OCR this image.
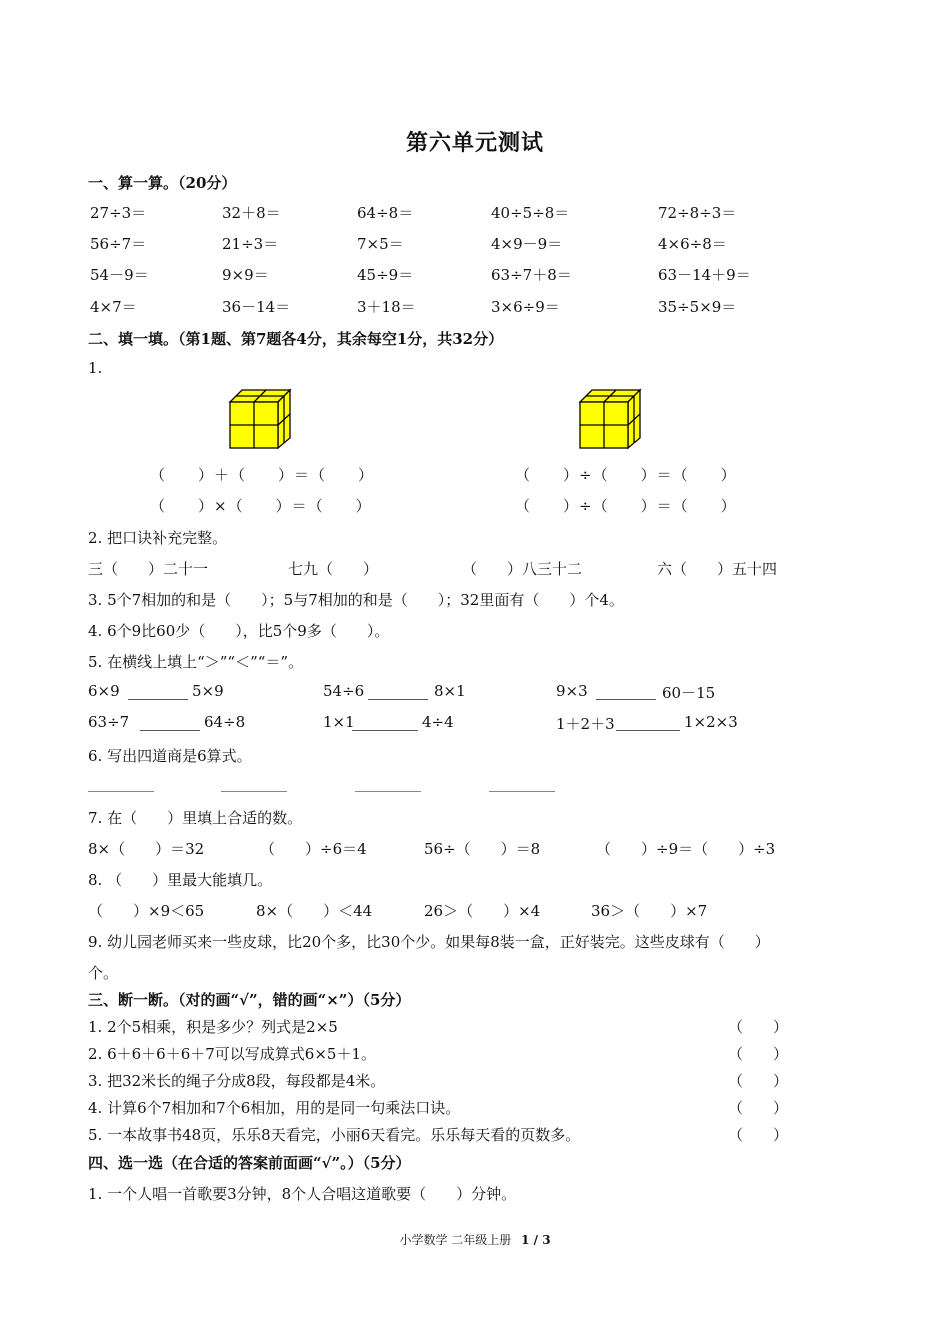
第六单元测试
一、算一算。（20分）
27÷3＝	32＋8＝	64÷8＝	40÷5÷8＝	72÷8÷3＝
56÷7＝	21÷3＝	7×5＝	4×9－9＝	4×6÷8＝
54－9＝	9×9＝	45÷9＝	63÷7＋8＝	63－14＋9＝
4×7＝	36－14＝	3＋18＝	3×6÷9＝	35÷5×9＝
二、填一填。（第1题、第7题各4分，其余每空1分，共32分）
1.
（　　）＋（　　）＝（　　）
（　　）×（　　）＝（　　）
（　　）÷（　　）＝（　　）
（　　）÷（　　）＝（　　）
2. 把口诀补充完整。
三（　　）二十一	七九（　　）	（　　）八三十二	六（　　）五十四
3. 5个7相加的和是（　　）；5与7相加的和是（　　）；32里面有（　　）个4。
4. 6个9比60少（　　），比5个9多（　　）。
5. 在横线上填上“＞”“＜”“＝”。
6×9	5×9	54÷6	8×1	9×3	60－15
63÷7	64÷8	1×1	4÷4	1＋2＋3	1×2×3
6. 写出四道商是6算式。
7. 在（　　）里填上合适的数。
8×（　　）＝32	（　　）÷6＝4	56÷（　　）＝8	（　　）÷9＝（　　）÷3
8. （　　）里最大能填几。
（　　）×9＜65	8×（　　）＜44	26＞（　　）×4	36＞（　　）×7
9. 幼儿园老师买来一些皮球，比20个多，比30个少。如果每8装一盒，正好装完。这些皮球有（　　）
个。
三、断一断。（对的画“√”，错的画“×”）（5分）
1. 2个5相乘，积是多少？列式是2×5	（　　）
2. 6＋6＋6＋6＋7可以写成算式6×5＋1。	（　　）
3. 把32米长的绳子分成8段，每段都是4米。	（　　）
4. 计算6个7相加和7个6相加，用的是同一句乘法口诀。	（　　）
5. 一本故事书48页，乐乐8天看完，小丽6天看完。乐乐每天看的页数多。	（　　）
四、选一选（在合适的答案前面画“√”。）（5分）
1. 一个人唱一首歌要3分钟，8个人合唱这道歌要（　　）分钟。
小学数学 二年级上册 1 / 3
